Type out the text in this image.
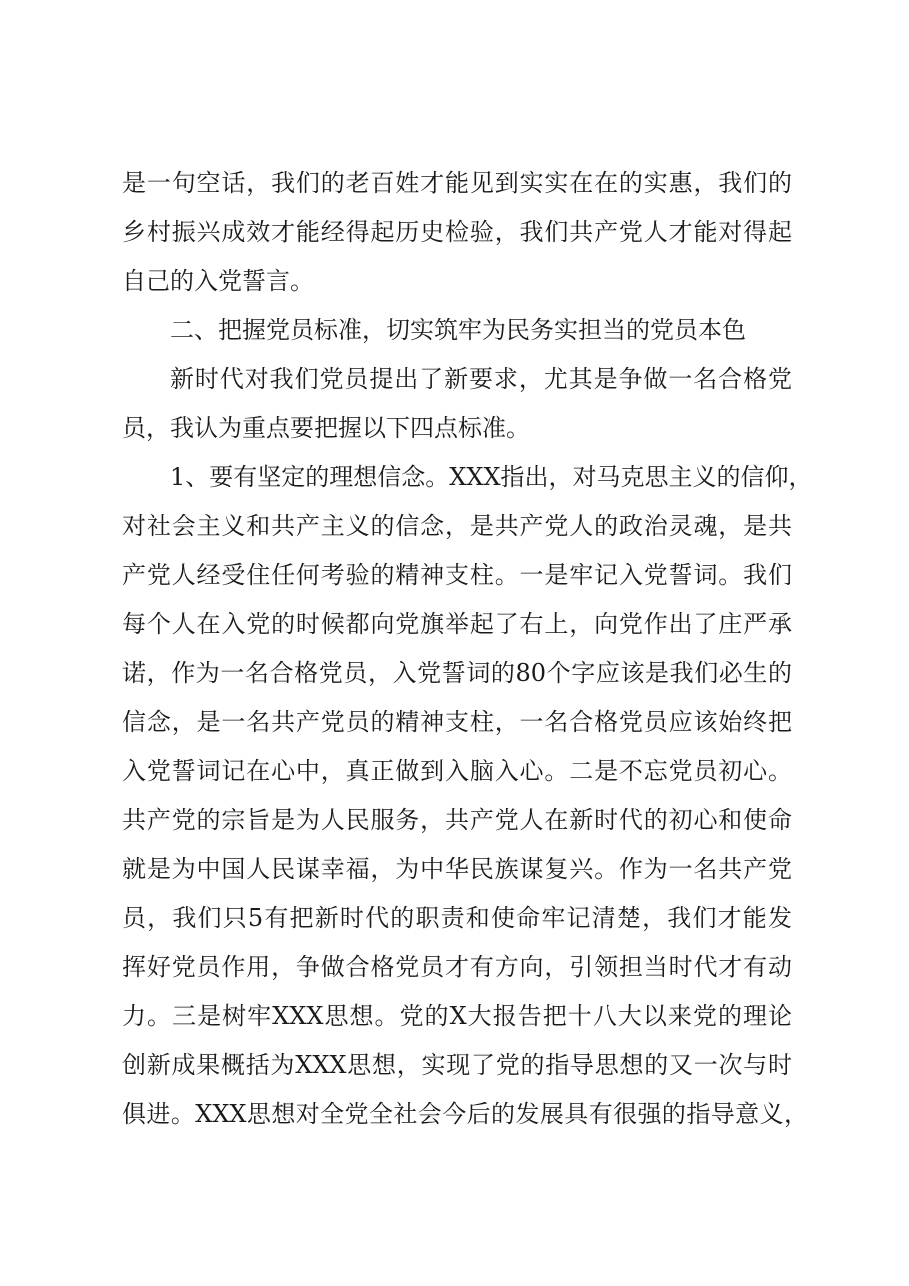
是一句空话，我们的老百姓才能见到实实在在的实惠，我们的
乡村振兴成效才能经得起历史检验，我们共产党人才能对得起
自己的入党誓言。
二、把握党员标准，切实筑牢为民务实担当的党员本色
新时代对我们党员提出了新要求，尤其是争做一名合格党
员，我认为重点要把握以下四点标准。
1、要有坚定的理想信念。XXX指出，对马克思主义的信仰，
对社会主义和共产主义的信念，是共产党人的政治灵魂，是共
产党人经受住任何考验的精神支柱。一是牢记入党誓词。我们
每个人在入党的时候都向党旗举起了右上，向党作出了庄严承
诺，作为一名合格党员，入党誓词的80个字应该是我们必生的
信念，是一名共产党员的精神支柱，一名合格党员应该始终把
入党誓词记在心中，真正做到入脑入心。二是不忘党员初心。
共产党的宗旨是为人民服务，共产党人在新时代的初心和使命
就是为中国人民谋幸福，为中华民族谋复兴。作为一名共产党
员，我们只5有把新时代的职责和使命牢记清楚，我们才能发
挥好党员作用，争做合格党员才有方向，引领担当时代才有动
力。三是树牢XXX思想。党的X大报告把十八大以来党的理论
创新成果概括为XXX思想，实现了党的指导思想的又一次与时
俱进。XXX思想对全党全社会今后的发展具有很强的指导意义，
